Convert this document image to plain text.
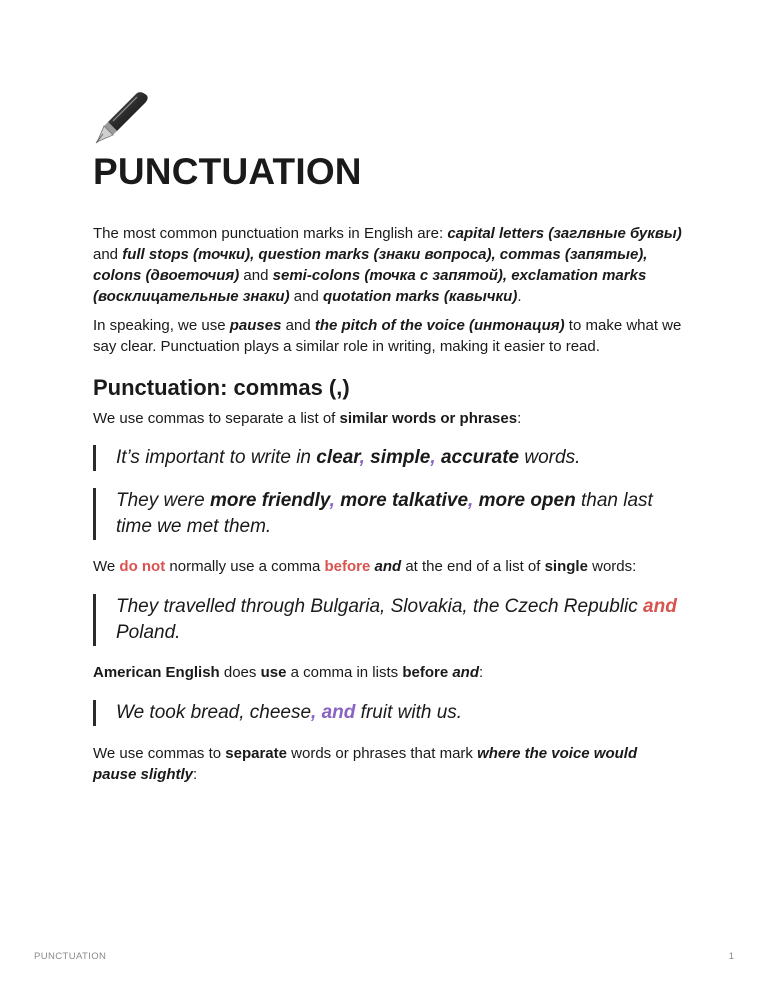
PUNCTUATION

The most common punctuation marks in English are: capital letters (заглвные буквы) and full stops (точки), question marks (знаки вопроса), commas (запятые), colons (двоеточия) and semi-colons (точка с запятой), exclamation marks (восклицательные знаки) and quotation marks (кавычки).

In speaking, we use pauses and the pitch of the voice (интонация) to make what we say clear. Punctuation plays a similar role in writing, making it easier to read.

Punctuation: commas (,)

We use commas to separate a list of similar words or phrases:

It’s important to write in clear, simple, accurate words.
They were more friendly, more talkative, more open than last time we met them.

We do not normally use a comma before and at the end of a list of single words:

They travelled through Bulgaria, Slovakia, the Czech Republic and Poland.

American English does use a comma in lists before and:

We took bread, cheese, and fruit with us.

We use commas to separate words or phrases that mark where the voice would pause slightly:

PUNCTUATION	1
